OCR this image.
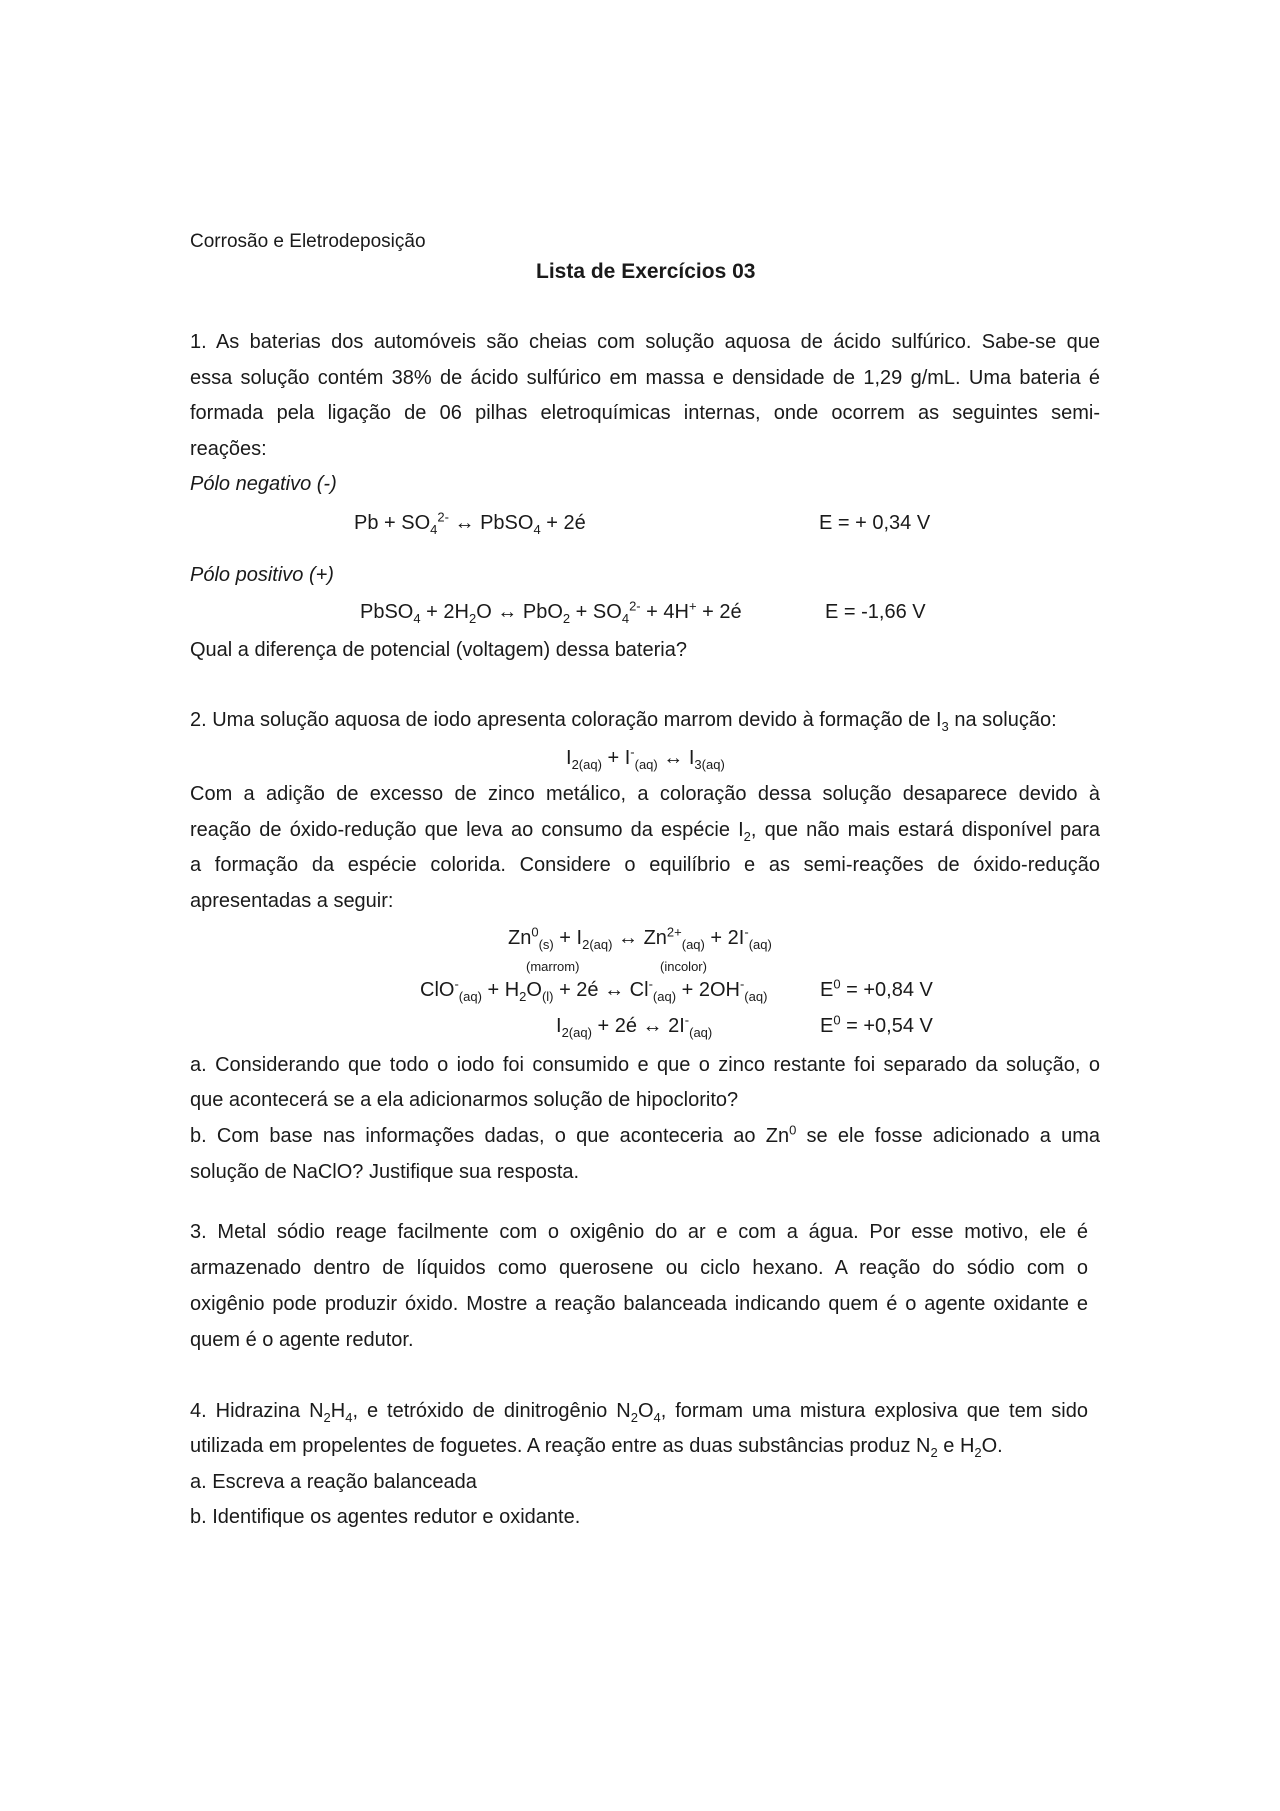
Corrosão e Eletrodeposição
Lista de Exercícios 03
1. As baterias dos automóveis são cheias com solução aquosa de ácido sulfúrico. Sabe-se que
essa solução contém 38% de ácido sulfúrico em massa e densidade de 1,29 g/mL. Uma bateria é
formada pela ligação de 06 pilhas eletroquímicas internas, onde ocorrem as seguintes semi-
reações:
Pólo negativo (-)
$Pb + SO_4^{2-}$ ↔ PbSO$_4$ + 2é	E = + 0,34 V
Pólo positivo (+)
PbSO$_4$ + $2H_2O$ ↔ $PbO_2 + SO_4^{2-} + 4H^+$ + 2é	E = -1,66 V
Qual a diferença de potencial (voltagem) dessa bateria?
2. Uma solução aquosa de iodo apresenta coloração marrom devido à formação de $I_3$ na solução:
$I_{2(aq)} + I^-_{(aq)}$ ↔ $I_{3(aq)}$
Com a adição de excesso de zinco metálico, a coloração dessa solução desaparece devido à
reação de óxido-redução que leva ao consumo da espécie $I_2$, que não mais estará disponível para
a formação da espécie colorida. Considere o equilíbrio e as semi-reações de óxido-redução
apresentadas a seguir:
$Zn^0_{(s)} + I_{2(aq)}$ ↔ $Zn^{2+}_{(aq)} + 2I^-_{(aq)}$
(marrom)	(incolor)
$ClO^-_{(aq)} + H_2O_{(l)}$ + 2é ↔ $Cl^-_{(aq)} + 2OH^-_{(aq)}$	$E^0 = +0,84$ V
$I_{2(aq)}$ + 2é ↔ $2I^-_{(aq)}$	$E^0 = +0,54$ V
a. Considerando que todo o iodo foi consumido e que o zinco restante foi separado da solução, o
que acontecerá se a ela adicionarmos solução de hipoclorito?
b. Com base nas informações dadas, o que aconteceria ao Zn$^0$ se ele fosse adicionado a uma
solução de NaClO? Justifique sua resposta.
3. Metal sódio reage facilmente com o oxigênio do ar e com a água. Por esse motivo, ele é
armazenado dentro de líquidos como querosene ou ciclo hexano. A reação do sódio com o
oxigênio pode produzir óxido. Mostre a reação balanceada indicando quem é o agente oxidante e
quem é o agente redutor.
4. Hidrazina $N_2H_4$, e tetróxido de dinitrogênio $N_2O_4$, formam uma mistura explosiva que tem sido
utilizada em propelentes de foguetes. A reação entre as duas substâncias produz $N_2$ e $H_2O$.
a. Escreva a reação balanceada
b. Identifique os agentes redutor e oxidante.
